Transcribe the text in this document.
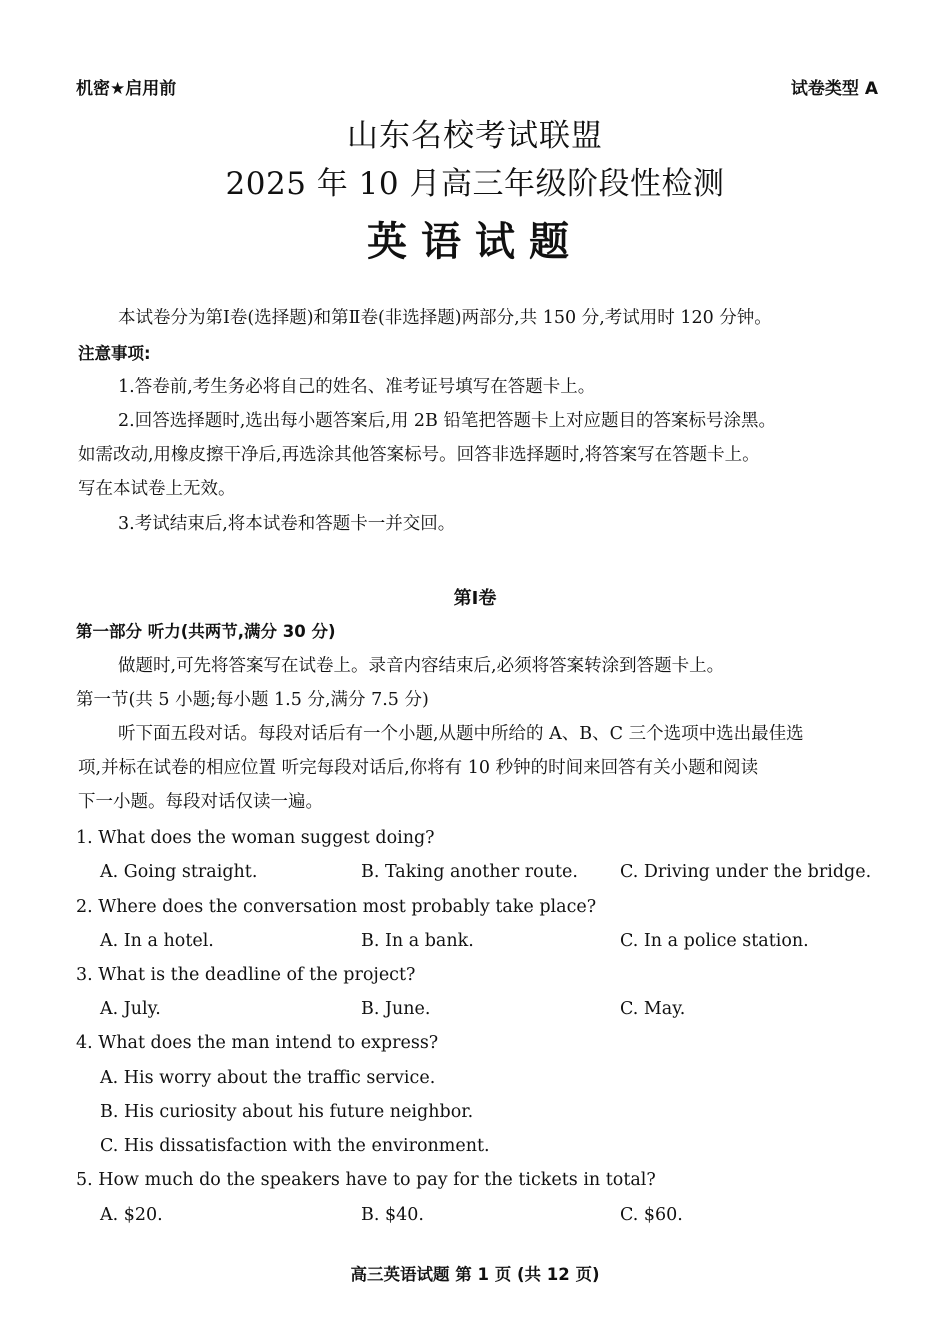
机密★启用前	试卷类型 A
山东名校考试联盟
2025 年 10 月高三年级阶段性检测
英语试题
本试卷分为第Ⅰ卷(选择题)和第Ⅱ卷(非选择题)两部分,共 150 分,考试用时 120 分钟。
注意事项:
1.答卷前,考生务必将自己的姓名、准考证号填写在答题卡上。
2.回答选择题时,选出每小题答案后,用 2B 铅笔把答题卡上对应题目的答案标号涂黑。
如需改动,用橡皮擦干净后,再选涂其他答案标号。回答非选择题时,将答案写在答题卡上。
写在本试卷上无效。
3.考试结束后,将本试卷和答题卡一并交回。
第Ⅰ卷
第一部分 听力(共两节,满分 30 分)
做题时,可先将答案写在试卷上。录音内容结束后,必须将答案转涂到答题卡上。
第一节(共 5 小题;每小题 1.5 分,满分 7.5 分)
听下面五段对话。每段对话后有一个小题,从题中所给的 A、B、C 三个选项中选出最佳选
项,并标在试卷的相应位置 听完每段对话后,你将有 10 秒钟的时间来回答有关小题和阅读
下一小题。每段对话仅读一遍。
1. What does the woman suggest doing?
A. Going straight.	B. Taking another route. C. Driving under the bridge.
2. Where does the conversation most probably take place?
A. In a hotel.	B. In a bank.	C. In a police station.
3. What is the deadline of the project?
A. July.	B. June.	C. May.
4. What does the man intend to express?
A. His worry about the traffic service.
B. His curiosity about his future neighbor.
C. His dissatisfaction with the environment.
5. How much do the speakers have to pay for the tickets in total?
A. $20.	B. $40.	C. $60.
高三英语试题 第 1 页 (共 12 页)
